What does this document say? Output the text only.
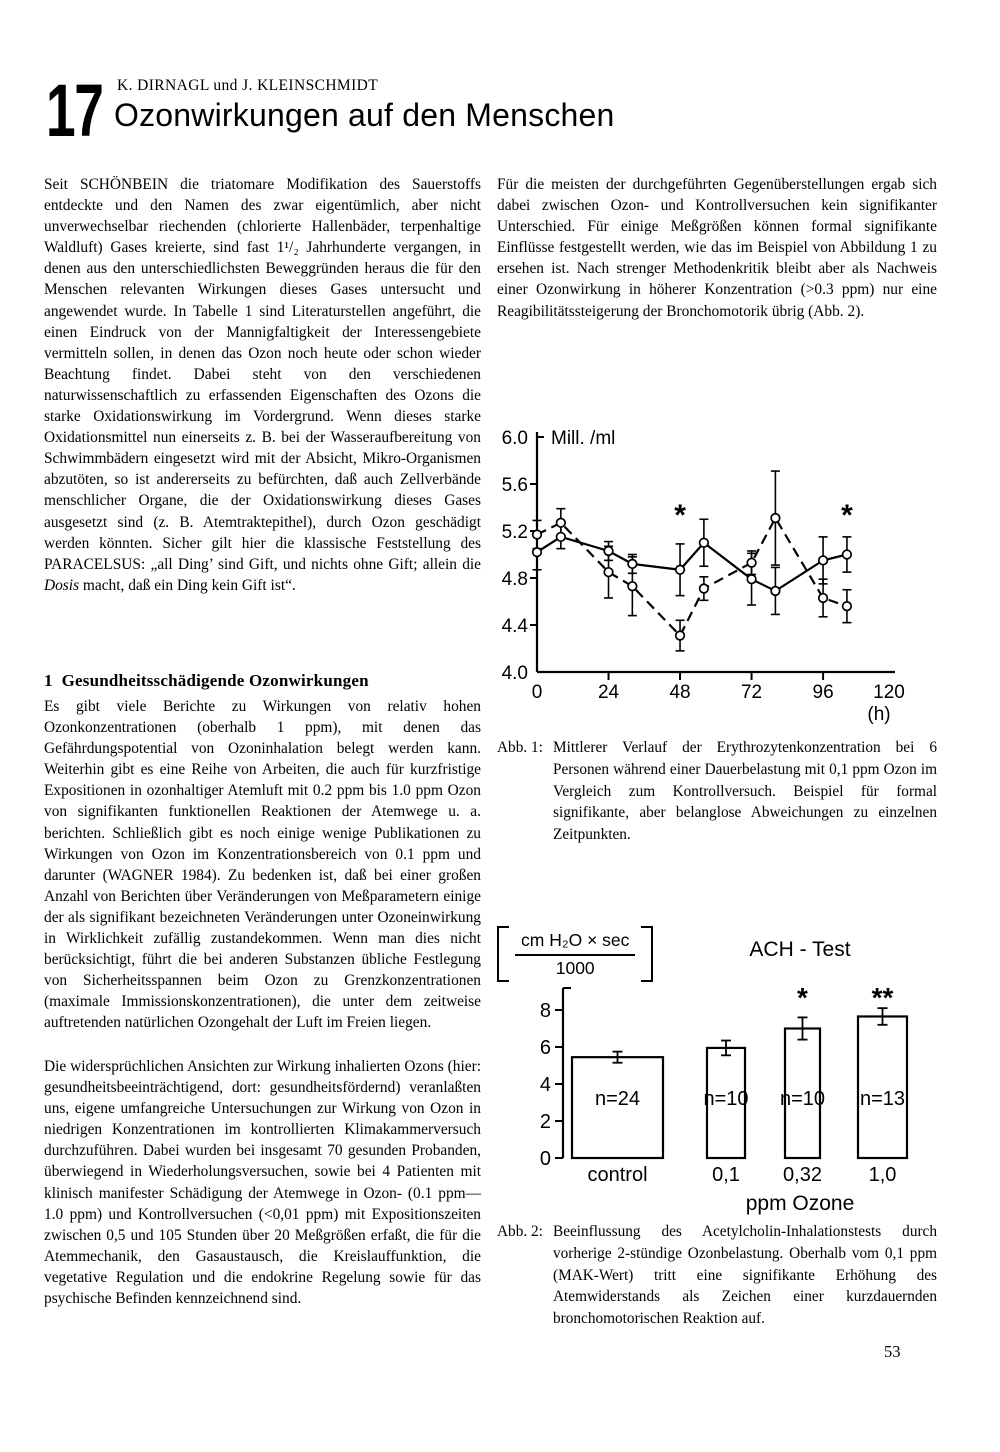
17 K. DIRNAGL und J. KLEINSCHMIDT
Ozonwirkungen auf den Menschen

Seit SCHÖNBEIN die triatomare Modifikation des Sauerstoffs entdeckte und den Namen des zwar eigentümlich, aber nicht unverwechselbar riechenden (chlorierte Hallenbäder, terpenhaltige Waldluft) Gases kreierte, sind fast 1¹/₂ Jahrhunderte vergangen, in denen aus den unterschiedlichsten Beweggründen heraus die für den Menschen relevanten Wirkungen dieses Gases untersucht und angewendet wurde. In Tabelle 1 sind Literaturstellen angeführt, die einen Eindruck von der Mannigfaltigkeit der Interessengebiete vermitteln sollen, in denen das Ozon noch heute oder schon wieder Beachtung findet. Dabei steht von den verschiedenen naturwissenschaftlich zu erfassenden Eigenschaften des Ozons die starke Oxidationswirkung im Vordergrund. Wenn dieses starke Oxidationsmittel nun einerseits z. B. bei der Wasseraufbereitung von Schwimmbädern eingesetzt wird mit der Absicht, Mikro-Organismen abzutöten, so ist andererseits zu befürchten, daß auch Zellverbände menschlicher Organe, die der Oxidationswirkung dieses Gases ausgesetzt sind (z. B. Atemtraktepithel), durch Ozon geschädigt werden könnten. Sicher gilt hier die klassische Feststellung des PARACELSUS: „all Ding’ sind Gift, und nichts ohne Gift; allein die Dosis macht, daß ein Ding kein Gift ist“.

1  Gesundheitsschädigende Ozonwirkungen

Es gibt viele Berichte zu Wirkungen von relativ hohen Ozonkonzentrationen (oberhalb 1 ppm), mit denen das Gefährdungspotential von Ozoninhalation belegt werden kann. Weiterhin gibt es eine Reihe von Arbeiten, die auch für kurzfristige Expositionen in ozonhaltiger Atemluft mit 0.2 ppm bis 1.0 ppm Ozon von signifikanten funktionellen Reaktionen der Atemwege u. a. berichten. Schließlich gibt es noch einige wenige Publikationen zu Wirkungen von Ozon im Konzentrationsbereich von 0.1 ppm und darunter (WAGNER 1984). Zu bedenken ist, daß bei einer großen Anzahl von Berichten über Veränderungen von Meßparametern einige der als signifikant bezeichneten Veränderungen unter Ozoneinwirkung in Wirklichkeit zufällig zustandekommen. Wenn man dies nicht berücksichtigt, führt die bei anderen Substanzen übliche Festlegung von Sicherheitsspannen beim Ozon zu Grenzkonzentrationen (maximale Immissionskonzentrationen), die unter dem zeitweise auftretenden natürlichen Ozongehalt der Luft im Freien liegen.

Die widersprüchlichen Ansichten zur Wirkung inhalierten Ozons (hier: gesundheitsbeeinträchtigend, dort: gesundheitsfördernd) veranlaßten uns, eigene umfangreiche Untersuchungen zur Wirkung von Ozon in niedrigen Konzentrationen im kontrollierten Klimakammerversuch durchzuführen. Dabei wurden bei insgesamt 70 gesunden Probanden, überwiegend in Wiederholungsversuchen, sowie bei 4 Patienten mit klinisch manifester Schädigung der Atemwege in Ozon- (0.1 ppm—1.0 ppm) und Kontrollversuchen (<0,01 ppm) mit Expositionszeiten zwischen 0,5 und 105 Stunden über 20 Meßgrößen erfaßt, die für die Atemmechanik, den Gasaustausch, die Kreislauffunktion, die vegetative Regulation und die endokrine Regelung sowie für das psychische Befinden kennzeichnend sind.

Für die meisten der durchgeführten Gegenüberstellungen ergab sich dabei zwischen Ozon- und Kontrollversuchen kein signifikanter Unterschied. Für einige Meßgrößen können formal signifikante Einflüsse festgestellt werden, wie das im Beispiel von Abbildung 1 zu ersehen ist. Nach strenger Methodenkritik bleibt aber als Nachweis einer Ozonwirkung in höherer Konzentration (>0.3 ppm) nur eine Reagibilitätssteigerung der Bronchomotorik übrig (Abb. 2).

4.0
4.4
4.8
5.2
5.6
6.0
0	24	48	72	96 120
(h)
Mill. /ml
*	*
Abb. 1: Mittlerer Verlauf der Erythrozytenkonzentration bei 6 Personen während einer Dauerbelastung mit 0,1 ppm Ozon im Vergleich zum Kontrollversuch. Beispiel für formal signifikante, aber belanglose Abweichungen zu einzelnen Zeitpunkten.
0
2
4
6
8
ACH - Test
n=24
control
n=10
0,1
n=10
0,32
*
n=13
1,0
**
ppm Ozone
$\frac{\text{cm H₂O × sec}}{1000}$
Abb. 2: Beeinflussung des Acetylcholin-Inhalationstests durch vorherige 2-stündige Ozonbelastung. Oberhalb vom 0,1 ppm (MAK-Wert) tritt eine signifikante Erhöhung des Atemwiderstands als Zeichen einer kurzdauernden bronchomotorischen Reaktion auf.
53
